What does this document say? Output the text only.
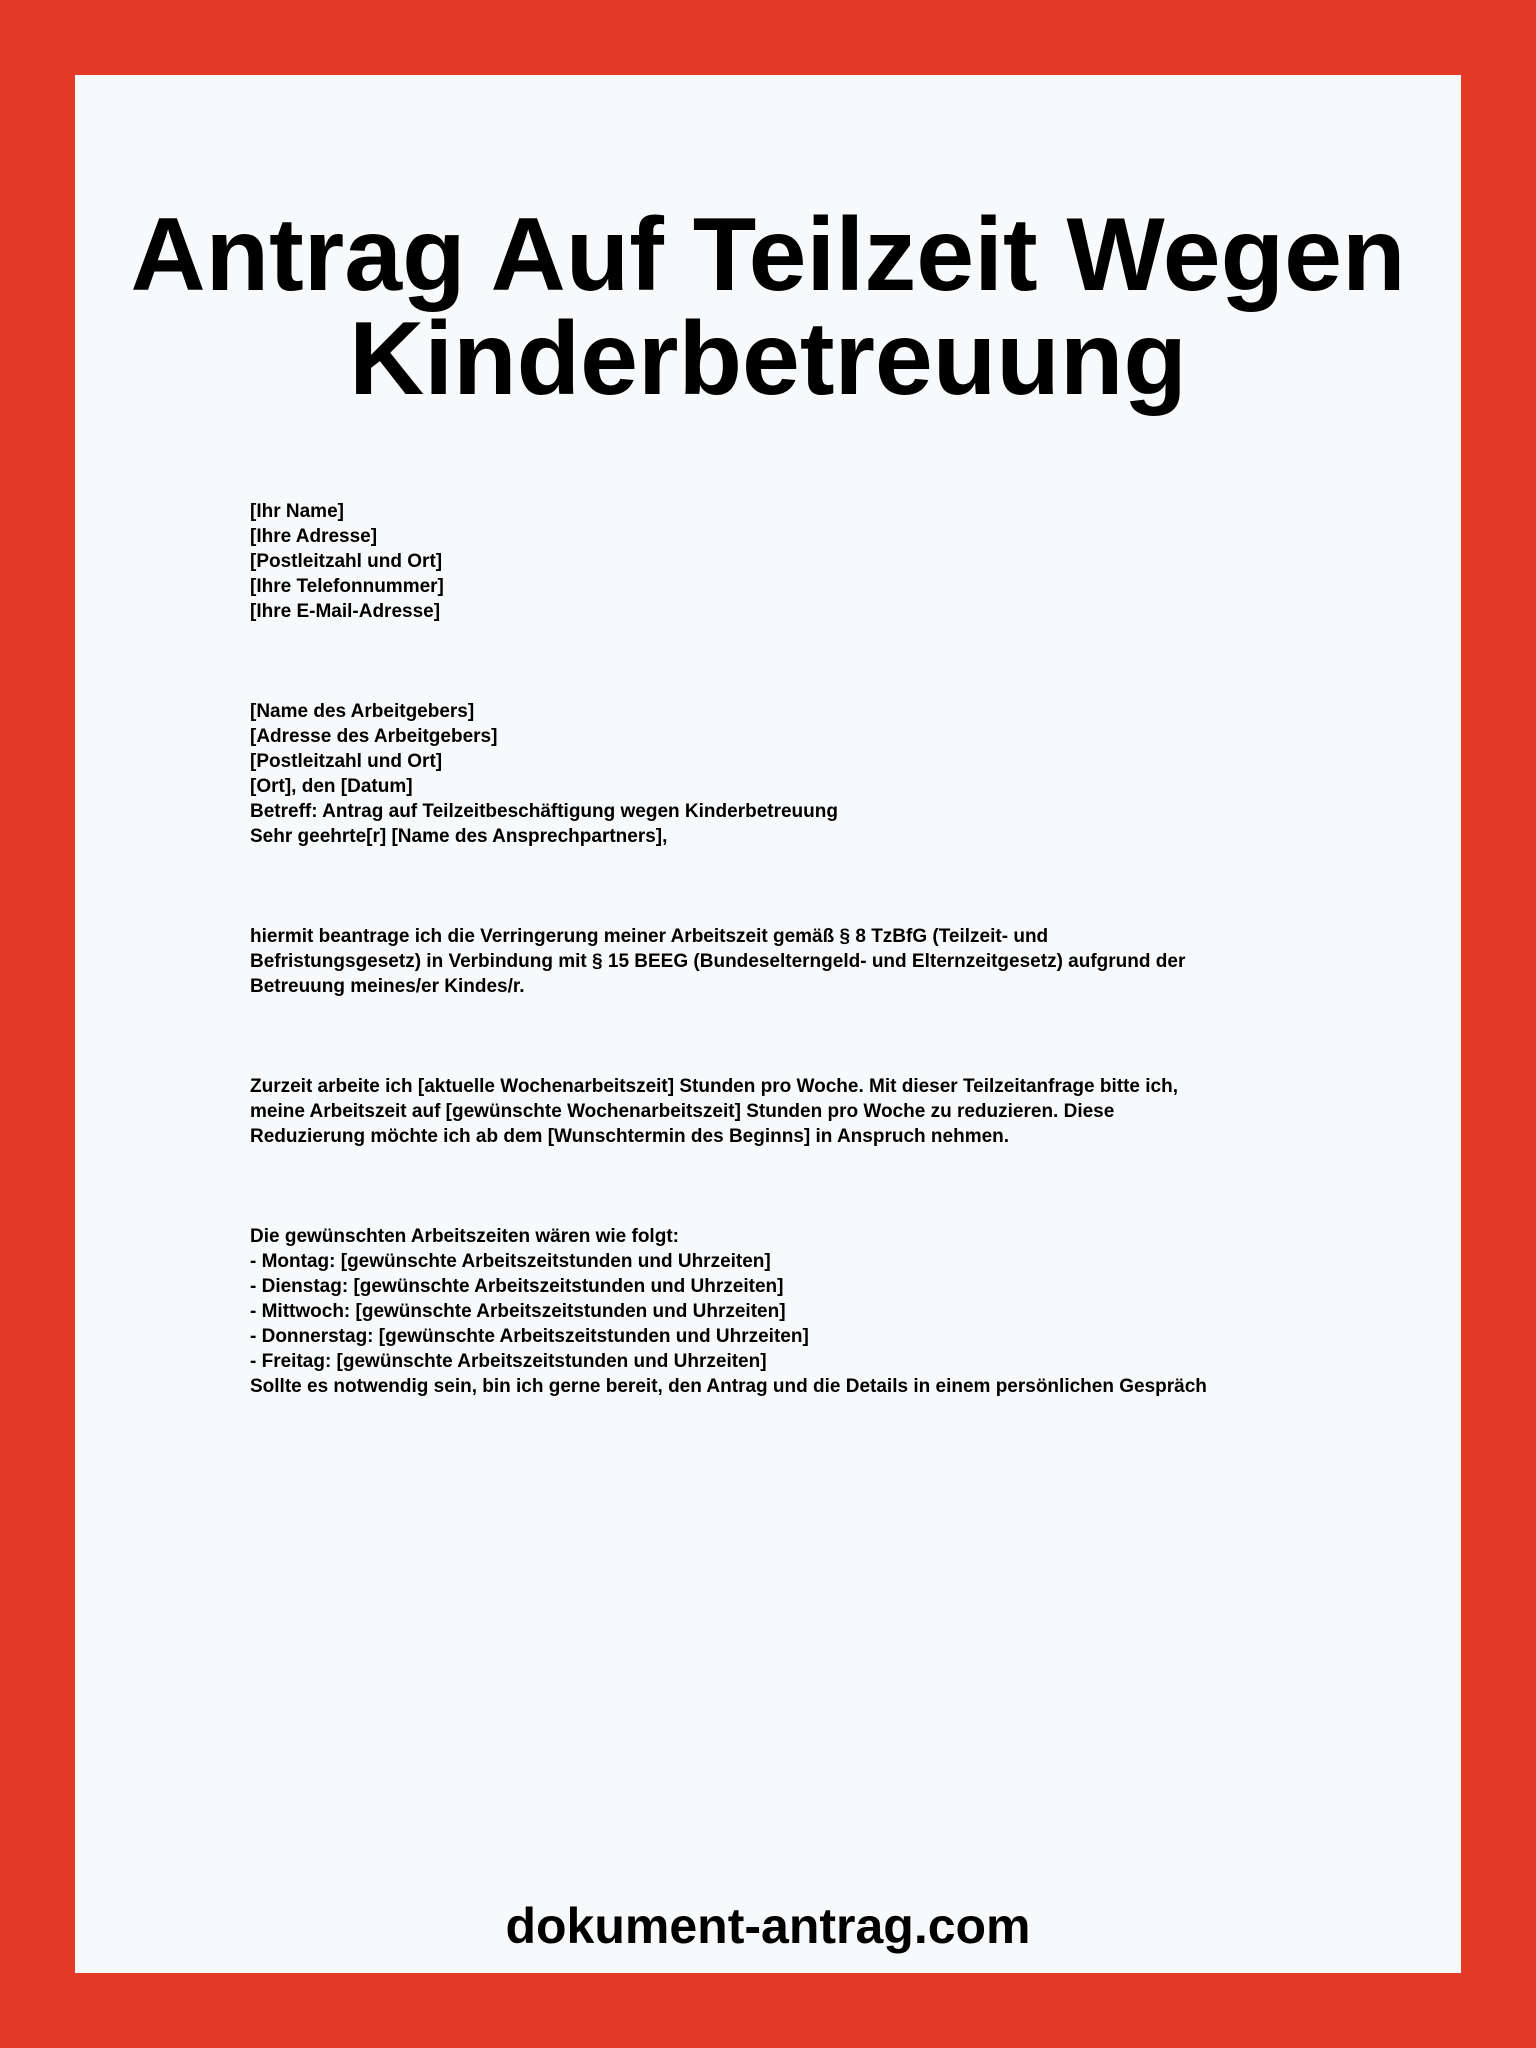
Antrag Auf Teilzeit Wegen
Kinderbetreuung

[Ihr Name]

[Ihre Adresse]

[Postleitzahl und Ort]

[Ihre Telefonnummer]

[Ihre E-Mail-Adresse]

[Name des Arbeitgebers]

[Adresse des Arbeitgebers]

[Postleitzahl und Ort]

[Ort], den [Datum]

Betreff: Antrag auf Teilzeitbeschäftigung wegen Kinderbetreuung

Sehr geehrte[r] [Name des Ansprechpartners],

hiermit beantrage ich die Verringerung meiner Arbeitszeit gemäß § 8 TzBfG (Teilzeit- und

Befristungsgesetz) in Verbindung mit § 15 BEEG (Bundeselterngeld- und Elternzeitgesetz) aufgrund der

Betreuung meines/er Kindes/r.

Zurzeit arbeite ich [aktuelle Wochenarbeitszeit] Stunden pro Woche. Mit dieser Teilzeitanfrage bitte ich,

meine Arbeitszeit auf [gewünschte Wochenarbeitszeit] Stunden pro Woche zu reduzieren. Diese

Reduzierung möchte ich ab dem [Wunschtermin des Beginns] in Anspruch nehmen.

Die gewünschten Arbeitszeiten wären wie folgt:

- Montag: [gewünschte Arbeitszeitstunden und Uhrzeiten]

- Dienstag: [gewünschte Arbeitszeitstunden und Uhrzeiten]

- Mittwoch: [gewünschte Arbeitszeitstunden und Uhrzeiten]

- Donnerstag: [gewünschte Arbeitszeitstunden und Uhrzeiten]

- Freitag: [gewünschte Arbeitszeitstunden und Uhrzeiten]

Sollte es notwendig sein, bin ich gerne bereit, den Antrag und die Details in einem persönlichen Gespräch

dokument-antrag.com
